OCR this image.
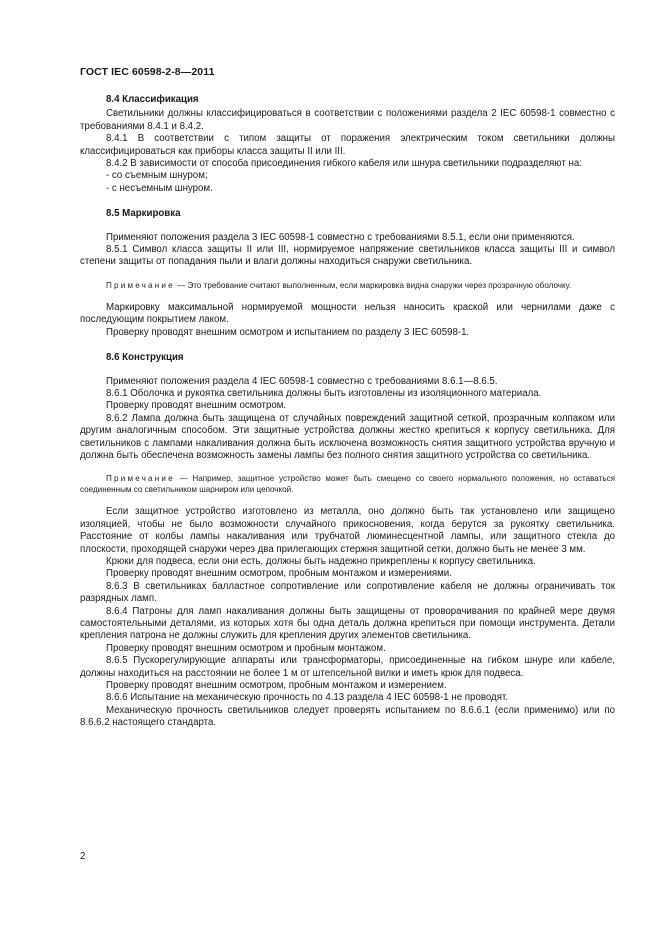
ГОСТ IEC 60598-2-8—2011
8.4 Классификация

Светильники должны классифицироваться в соответствии с положениями раздела 2 IEC 60598-1 совместно с требованиями 8.4.1 и 8.4.2.

8.4.1 В соответствии с типом защиты от поражения электрическим током светильники должны классифицироваться как приборы класса защиты II или III.

8.4.2 В зависимости от способа присоединения гибкого кабеля или шнура светильники подразделяют на:

- со съемным шнуром;
- с несъемным шнуром.
8.5 Маркировка

Применяют положения раздела 3 IEC 60598-1 совместно с требованиями 8.5.1, если они применяются.

8.5.1 Символ класса защиты II или III, нормируемое напряжение светильников класса защиты III и символ степени защиты от попадания пыли и влаги должны находиться снаружи светильника.

Примечание — Это требование считают выполненным, если маркировка видна снаружи через прозрачную оболочку.

Маркировку максимальной нормируемой мощности нельзя наносить краской или чернилами даже с последующим покрытием лаком.

Проверку проводят внешним осмотром и испытанием по разделу 3 IEC 60598-1.

8.6 Конструкция

Применяют положения раздела 4 IEC 60598-1 совместно с требованиями 8.6.1—8.6.5.

8.6.1 Оболочка и рукоятка светильника должны быть изготовлены из изоляционного материала.

Проверку проводят внешним осмотром.

8.6.2 Лампа должна быть защищена от случайных повреждений защитной сеткой, прозрачным колпаком или другим аналогичным способом. Эти защитные устройства должны жестко крепиться к корпусу светильника. Для светильников с лампами накаливания должна быть исключена возможность снятия защитного устройства вручную и должна быть обеспечена возможность замены лампы без полного снятия защитного устройства со светильника.

Примечание — Например, защитное устройство может быть смещено со своего нормального положения, но оставаться соединенным со светильником шарниром или цепочкой.

Если защитное устройство изготовлено из металла, оно должно быть так установлено или защищено изоляцией, чтобы не было возможности случайного прикосновения, когда берутся за рукоятку светильника. Расстояние от колбы лампы накаливания или трубчатой люминесцентной лампы, или защитного стекла до плоскости, проходящей снаружи через два прилегающих стержня защитной сетки, должно быть не менее 3 мм.

Крюки для подвеса, если они есть, должны быть надежно прикреплены к корпусу светильника.

Проверку проводят внешним осмотром, пробным монтажом и измерениями.

8.6.3 В светильниках балластное сопротивление или сопротивление кабеля не должны ограничивать ток разрядных ламп.

8.6.4 Патроны для ламп накаливания должны быть защищены от проворачивания по крайней мере двумя самостоятельными деталями, из которых хотя бы одна деталь должна крепиться при помощи инструмента. Детали крепления патрона не должны служить для крепления других элементов светильника.

Проверку проводят внешним осмотром и пробным монтажом.

8.6.5 Пускорегулирующие аппараты или трансформаторы, присоединенные на гибком шнуре или кабеле, должны находиться на расстоянии не более 1 м от штепсельной вилки и иметь крюк для подвеса.

Проверку проводят внешним осмотром, пробным монтажом и измерением.

8.6.6 Испытание на механическую прочность по 4.13 раздела 4 IEC 60598-1 не проводят.

Механическую прочность светильников следует проверять испытанием по 8.6.6.1 (если применимо) или по 8.6.6.2 настоящего стандарта.

2
